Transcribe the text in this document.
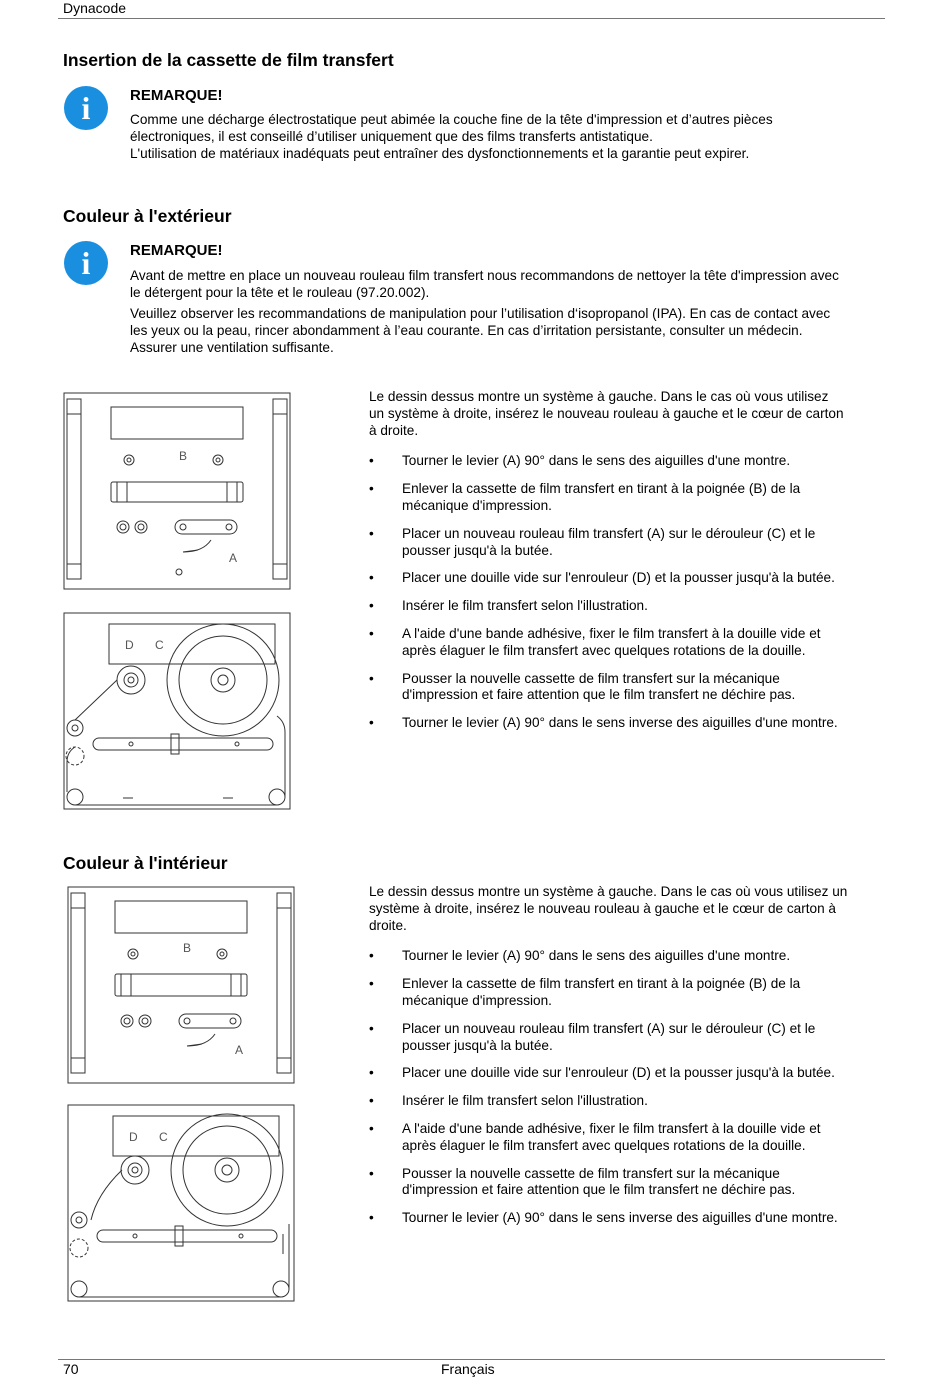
Dynacode
Insertion de la cassette de film transfert
i	REMARQUE!

Comme une décharge électrostatique peut abimée la couche fine de la tête d'impression et d’autres pièces
électroniques, il est conseillé d’utiliser uniquement que des films transferts antistatique.
L'utilisation de matériaux inadéquats peut entraîner des dysfonctionnements et la garantie peut expirer.

Couleur à l'extérieur
i	REMARQUE!

Avant de mettre en place un nouveau rouleau film transfert nous recommandons de nettoyer la tête d'impression avec
le détergent pour la tête et le rouleau (97.20.002).

Veuillez observer les recommandations de manipulation pour l’utilisation d‘isopropanol (IPA). En cas de contact avec
les yeux ou la peau, rincer abondamment à l’eau courante. En cas d’irritation persistante, consulter un médecin.
Assurer une ventilation suffisante.

B
A
D C

Le dessin dessus montre un système à gauche. Dans le cas où vous utilisez
un système à droite, insérez le nouveau rouleau à gauche et le cœur de carton
à droite.

• Tourner le levier (A) 90° dans le sens des aiguilles d'une montre.
• Enlever la cassette de film transfert en tirant à la poignée (B) de la
mécanique d'impression.
• Placer un nouveau rouleau film transfert (A) sur le dérouleur (C) et le
pousser jusqu'à la butée.
• Placer une douille vide sur l'enrouleur (D) et la pousser jusqu'à la butée.
• Insérer le film transfert selon l'illustration.
• A l'aide d'une bande adhésive, fixer le film transfert à la douille vide et
après élaguer le film transfert avec quelques rotations de la douille.
• Pousser la nouvelle cassette de film transfert sur la mécanique
d'impression et faire attention que le film transfert ne déchire pas.
• Tourner le levier (A) 90° dans le sens inverse des aiguilles d'une montre.
Couleur à l'intérieur
B
A
D C

Le dessin dessus montre un système à gauche. Dans le cas où vous utilisez un
système à droite, insérez le nouveau rouleau à gauche et le cœur de carton à
droite.

• Tourner le levier (A) 90° dans le sens des aiguilles d'une montre.
• Enlever la cassette de film transfert en tirant à la poignée (B) de la
mécanique d'impression.
• Placer un nouveau rouleau film transfert (A) sur le dérouleur (C) et le
pousser jusqu'à la butée.
• Placer une douille vide sur l'enrouleur (D) et la pousser jusqu'à la butée.
• Insérer le film transfert selon l'illustration.
• A l'aide d'une bande adhésive, fixer le film transfert à la douille vide et
après élaguer le film transfert avec quelques rotations de la douille.
• Pousser la nouvelle cassette de film transfert sur la mécanique
d'impression et faire attention que le film transfert ne déchire pas.
• Tourner le levier (A) 90° dans le sens inverse des aiguilles d'une montre.
70	Français
